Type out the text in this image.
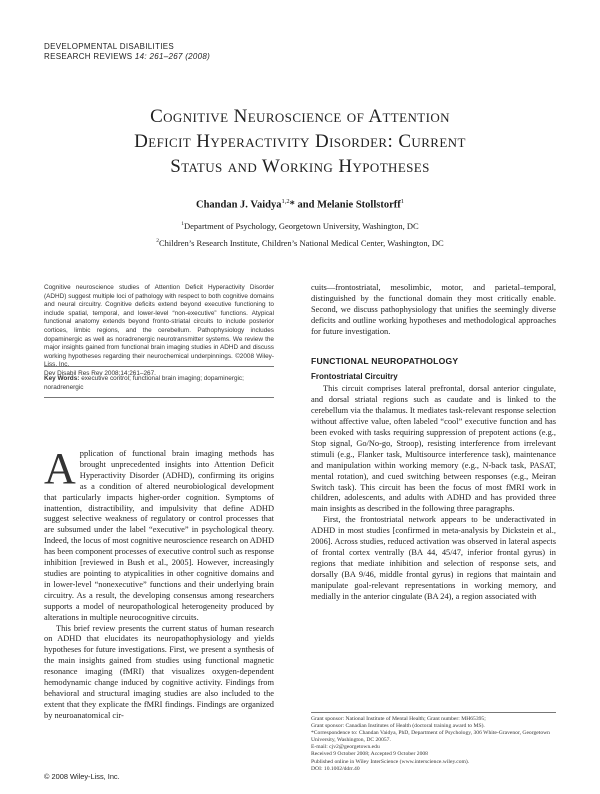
DEVELOPMENTAL DISABILITIES
RESEARCH REVIEWS 14: 261–267 (2008)
Cognitive Neuroscience of Attention
Deficit Hyperactivity Disorder: Current
Status and Working Hypotheses
Chandan J. Vaidya$^{1,2}$* and Melanie Stollstorff$^1$
$^1$Department of Psychology, Georgetown University, Washington, DC
$^2$Children’s Research Institute, Children’s National Medical Center, Washington, DC
Cognitive neuroscience studies of Attention Deficit Hyperactivity Disorder (ADHD) suggest multiple loci of pathology with respect to both cognitive domains and neural circuitry. Cognitive deficits extend beyond executive functioning to include spatial, temporal, and lower-level “non-executive” functions. Atypical functional anatomy extends beyond fronto-striatal circuits to include posterior cortices, limbic regions, and the cerebellum. Pathophysiology includes dopaminergic as well as noradrenergic neurotransmitter systems. We review the major insights gained from functional brain imaging studies in ADHD and discuss working hypotheses regarding their neurochemical underpinnings. ©2008 Wiley-Liss, Inc.
Dev Disabil Res Rev 2008;14:261–267.
Key Words: executive control; functional brain imaging; dopaminergic; noradrenergic

Application of functional brain imaging methods has brought unprecedented insights into Attention Deficit Hyperactivity Disorder (ADHD), confirming its origins as a condition of altered neurobiological development that particularly impacts higher-order cognition. Symptoms of inattention, distractibility, and impulsivity that define ADHD suggest selective weakness of regulatory or control processes that are subsumed under the label “executive” in psychological theory. Indeed, the locus of most cognitive neuroscience research on ADHD has been component processes of executive control such as response inhibition [reviewed in Bush et al., 2005]. However, increasingly studies are pointing to atypicalities in other cognitive domains and in lower-level “nonexecutive” functions and their underlying brain circuitry. As a result, the developing consensus among researchers supports a model of neuropathological heterogeneity produced by alterations in multiple neurocognitive circuits.

This brief review presents the current status of human research on ADHD that elucidates its neuropathophysiology and yields hypotheses for future investigations. First, we present a synthesis of the main insights gained from studies using functional magnetic resonance imaging (fMRI) that visualizes oxygen-dependent hemodynamic change induced by cognitive activity. Findings from behavioral and structural imaging studies are also included to the extent that they explicate the fMRI findings. Findings are organized by neuroanatomical cir-

cuits—frontostriatal, mesolimbic, motor, and parietal–temporal, distinguished by the functional domain they most critically enable. Second, we discuss pathophysiology that unifies the seemingly diverse deficits and outline working hypotheses and methodological approaches for future investigation.

FUNCTIONAL NEUROPATHOLOGY
Frontostriatal Circuitry

This circuit comprises lateral prefrontal, dorsal anterior cingulate, and dorsal striatal regions such as caudate and is linked to the cerebellum via the thalamus. It mediates task-relevant response selection without affective value, often labeled “cool” executive function and has been evoked with tasks requiring suppression of prepotent actions (e.g., Stop signal, Go/No-go, Stroop), resisting interference from irrelevant stimuli (e.g., Flanker task, Multisource interference task), maintenance and manipulation within working memory (e.g., N-back task, PASAT, mental rotation), and cued switching between responses (e.g., Meiran Switch task). This circuit has been the focus of most fMRI work in children, adolescents, and adults with ADHD and has provided three main insights as described in the following three paragraphs.

First, the frontostriatal network appears to be underactivated in ADHD in most studies [confirmed in meta-analysis by Dickstein et al., 2006]. Across studies, reduced activation was observed in lateral aspects of frontal cortex ventrally (BA 44, 45/47, inferior frontal gyrus) in regions that mediate inhibition and selection of response sets, and dorsally (BA 9/46, middle frontal gyrus) in regions that maintain and manipulate goal-relevant representations in working memory, and medially in the anterior cingulate (BA 24), a region associated with

Grant sponsor: National Institute of Mental Health; Grant number: MH65395;
Grant sponsor: Canadian Institutes of Health (doctoral training award to MS).
*Correspondence to: Chandan Vaidya, PhD, Department of Psychology, 306 White-Gravenor, Georgetown University, Washington, DC 20057.
E-mail: cjv2@georgetown.edu
Received 9 October 2008; Accepted 9 October 2008
Published online in Wiley InterScience (www.interscience.wiley.com).
DOI: 10.1002/ddrr.40
© 2008 Wiley-Liss, Inc.
